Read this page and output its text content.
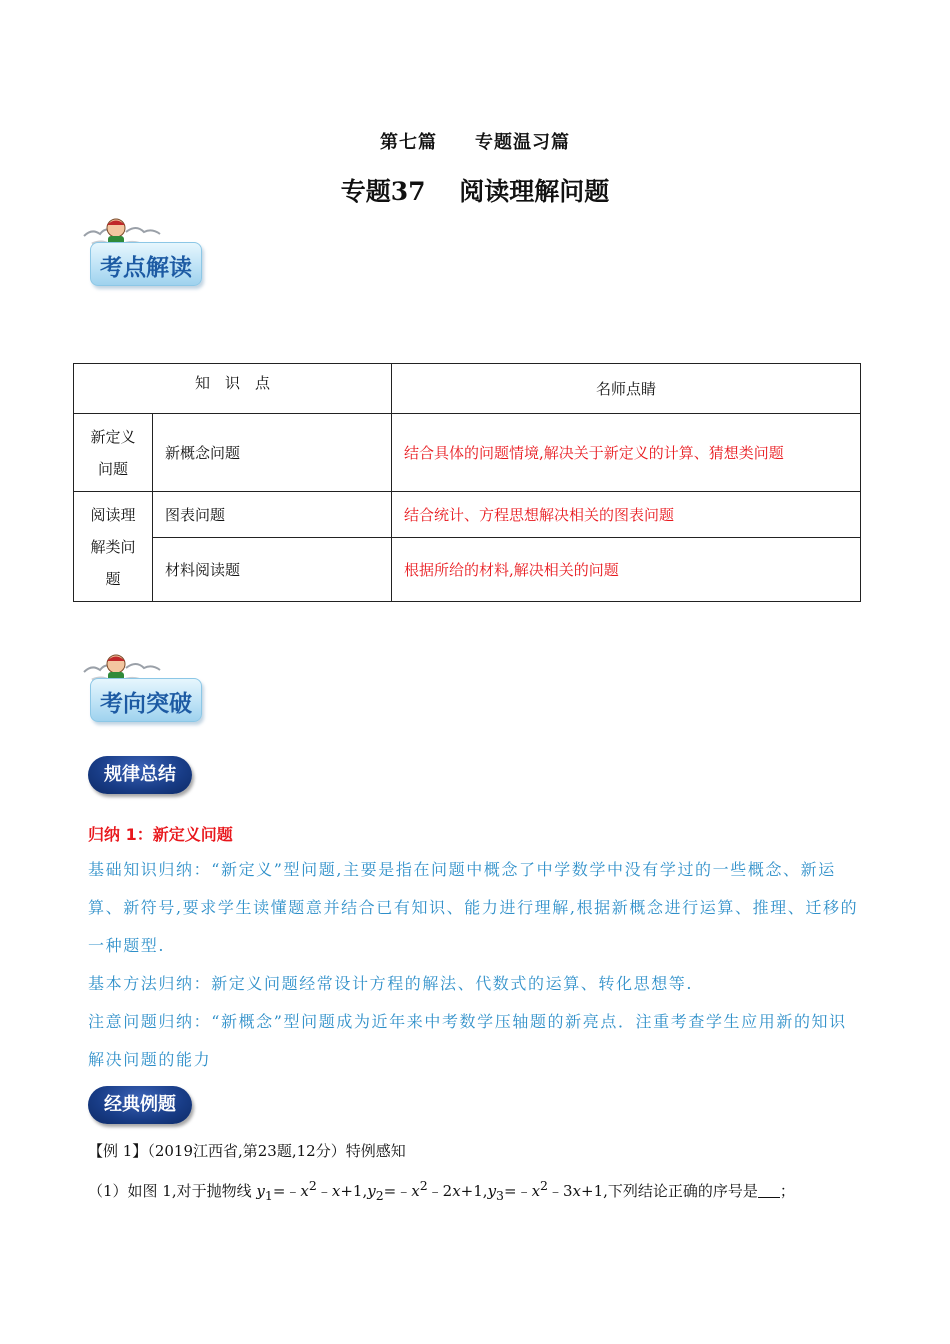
第七篇　　专题温习篇
专题37　 阅读理解问题
考点解读
知　识　点		名师点睛
新定义
问题	新概念问题	结合具体的问题情境,解决关于新定义的计算、猜想类问题
阅读理
解类问
题	图表问题	结合统计、方程思想解决相关的图表问题
	材料阅读题	根据所给的材料,解决相关的问题
考向突破
规律总结
归纳 1：新定义问题
基础知识归纳：“新定义”型问题,主要是指在问题中概念了中学数学中没有学过的一些概念、新运算、新符号,要求学生读懂题意并结合已有知识、能力进行理解,根据新概念进行运算、推理、迁移的一种题型.
基本方法归纳：新定义问题经常设计方程的解法、代数式的运算、转化思想等.
注意问题归纳：“新概念”型问题成为近年来中考数学压轴题的新亮点．注重考查学生应用新的知识解决问题的能力
经典例题
【例 1】（2019江西省,第23题,12分）特例感知
（1）如图 1,对于抛物线 $y_1=﹣x^2﹣x+1,y_2=﹣x^2﹣2x+1,y_3=﹣x^2﹣3x+1$,下列结论正确的序号是 ；
